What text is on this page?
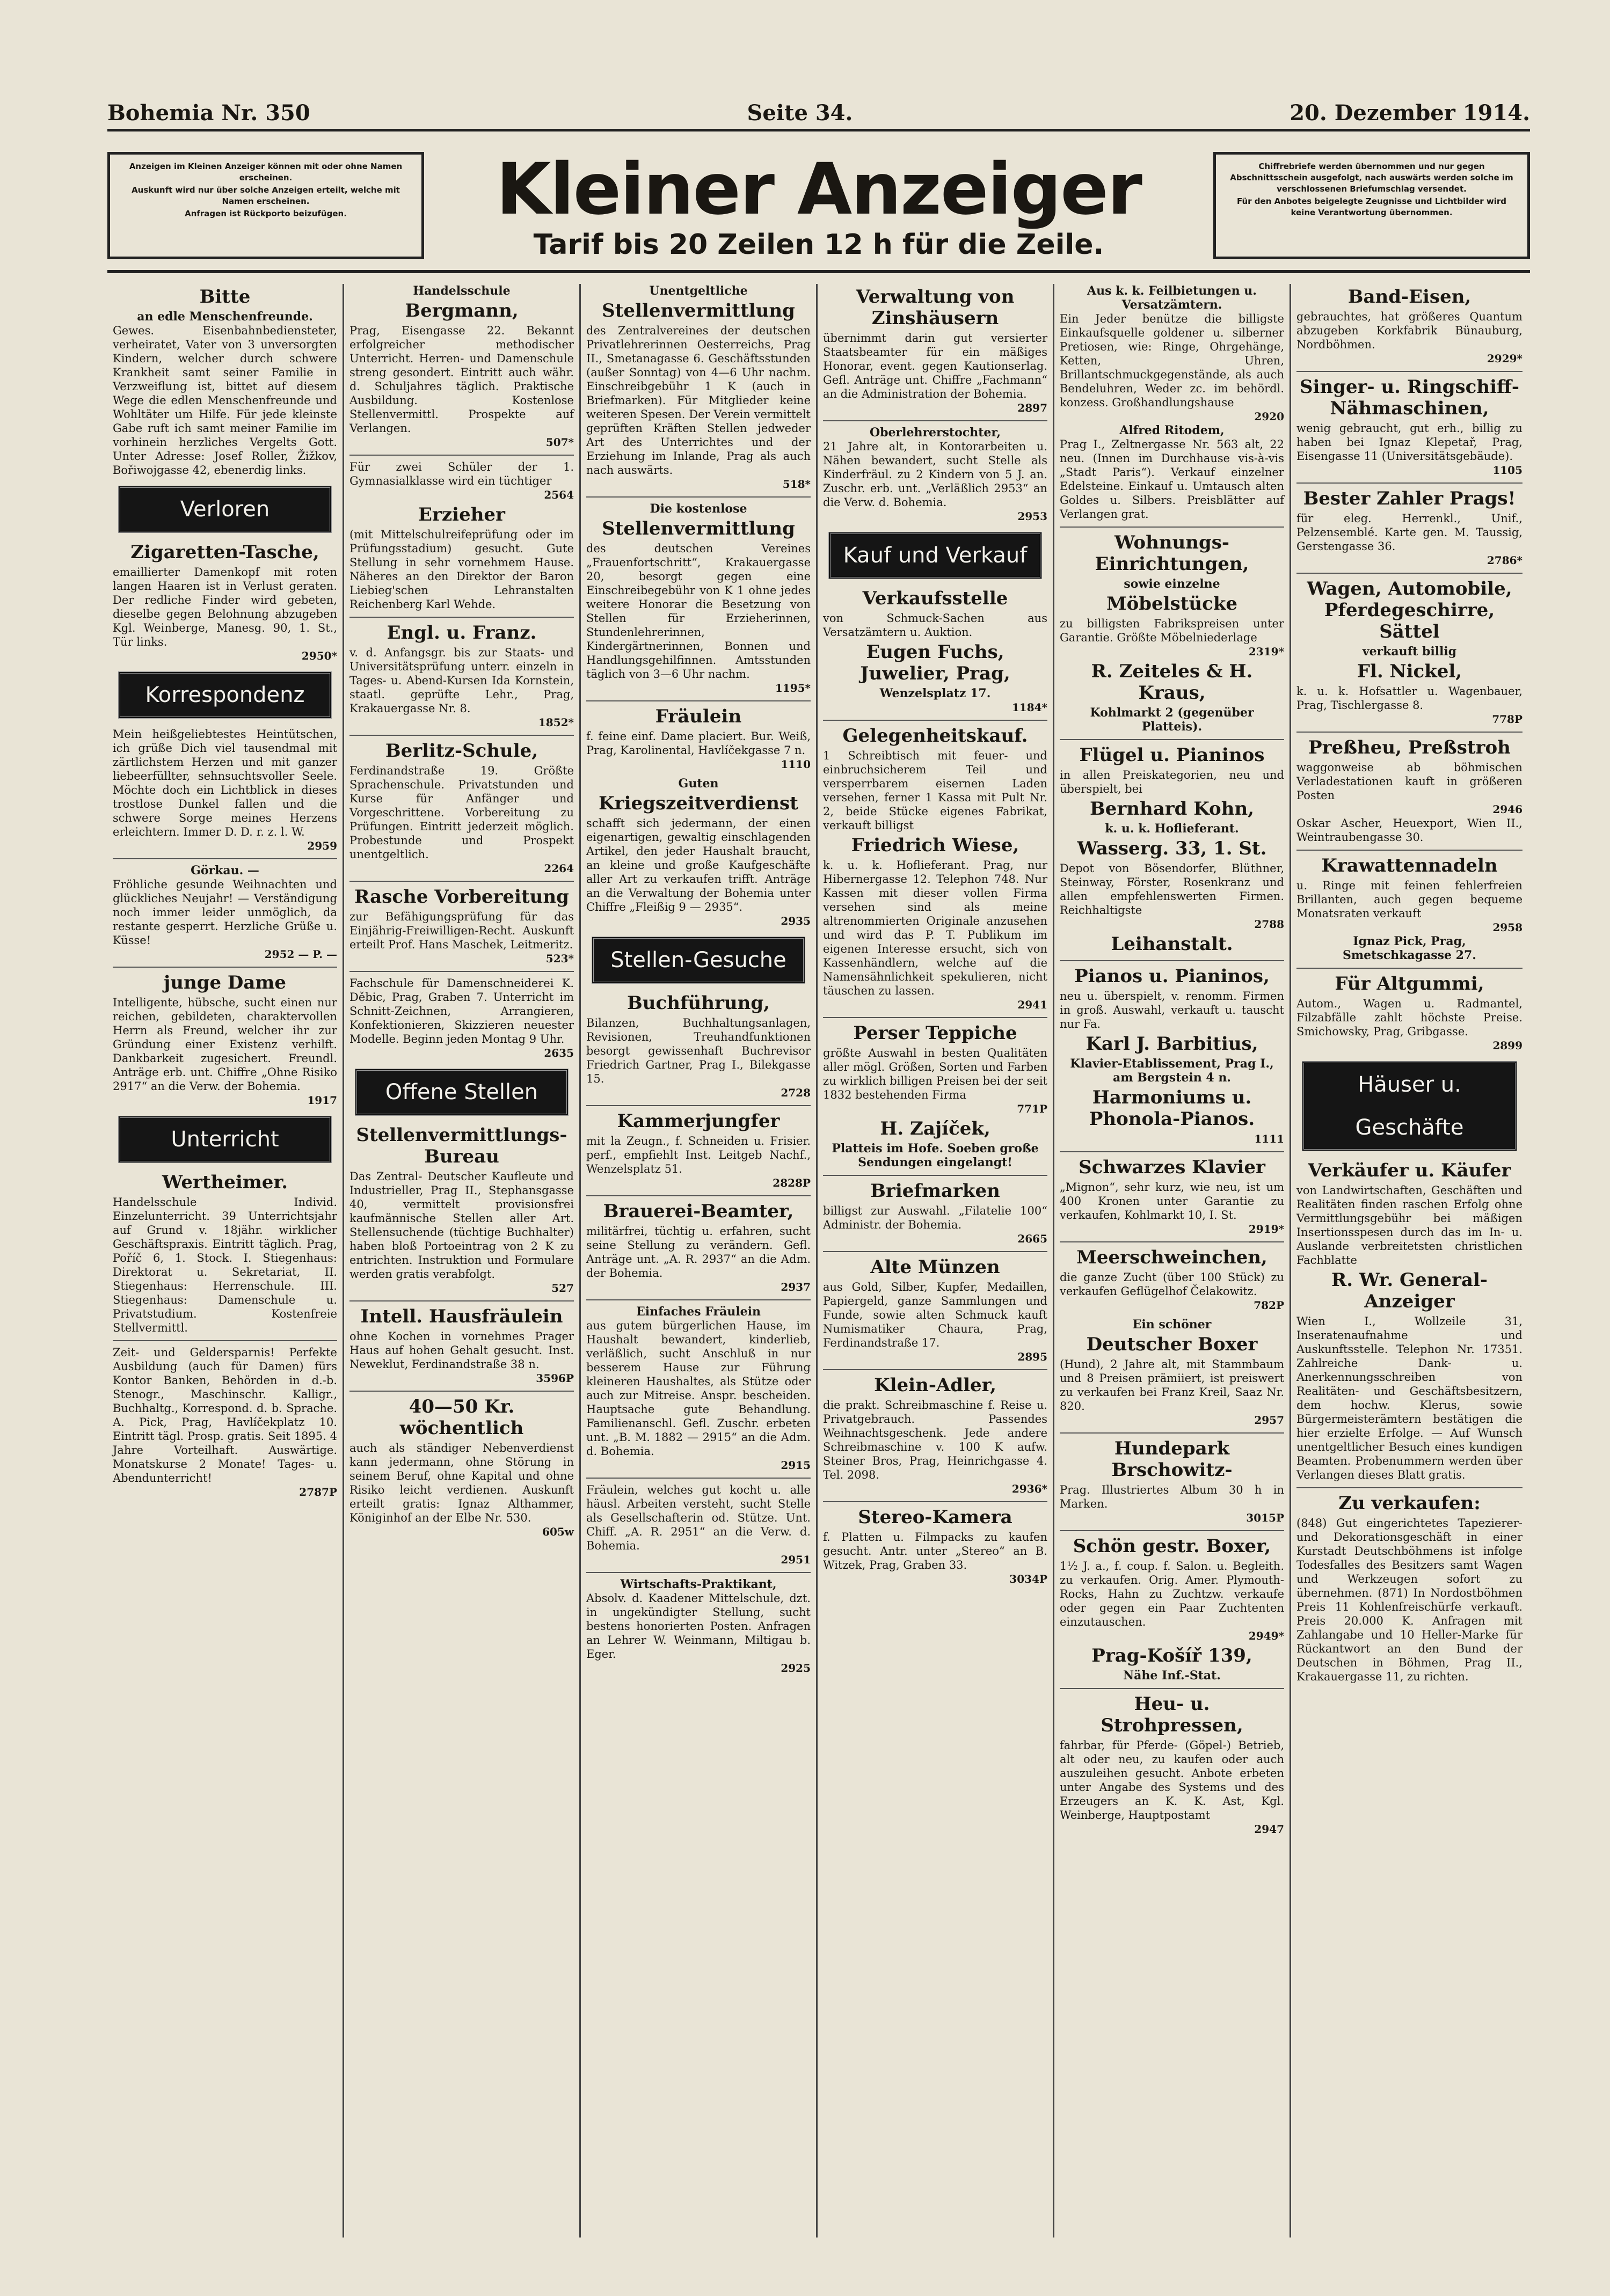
Bohemia Nr. 350	Seite 34.	20. Dezember 1914.

Anzeigen im Kleinen Anzeiger können mit oder ohne Namen erscheinen.

Auskunft wird nur über solche Anzeigen erteilt, welche mit Namen erscheinen.

Anfragen ist Rückporto beizufügen.	Kleiner Anzeiger
Tarif bis 20 Zeilen 12 h für die Zeile.

Chiffrebriefe werden übernommen und nur gegen Abschnittsschein ausgefolgt, nach auswärts werden solche im verschlossenen Briefumschlag versendet.

Für den Anbotes beigelegte Zeugnisse und Lichtbilder wird keine Verantwortung übernommen.

Bitte
an edle Menschenfreunde.
Gewes. Eisenbahnbediensteter, verheiratet, Vater von 3 unversorgten Kindern, welcher durch schwere Krankheit samt seiner Familie in Verzweiflung ist, bittet auf diesem Wege die edlen Menschenfreunde und Wohltäter um Hilfe. Für jede kleinste Gabe ruft ich samt meiner Familie im vorhinein herzliches Vergelts Gott. Unter Adresse: Josef Roller, Žižkov, Bořiwojgasse 42, ebenerdig links.
Verloren
Zigaretten-Tasche,
emaillierter Damenkopf mit roten langen Haaren ist in Verlust geraten. Der redliche Finder wird gebeten, dieselbe gegen Belohnung abzugeben Kgl. Weinberge, Manesg. 90, 1. St., Tür links.
2950*
Korrespondenz
Mein heißgeliebtestes Heintütschen, ich grüße Dich viel tausendmal mit zärtlichstem Herzen und mit ganzer liebeerfüllter, sehnsuchtsvoller Seele. Möchte doch ein Lichtblick in dieses trostlose Dunkel fallen und die schwere Sorge meines Herzens erleichtern. Immer D. D. r. z. l. W.
2959
Görkau. —
Fröhliche gesunde Weihnachten und glückliches Neujahr! — Verständigung noch immer leider unmöglich, da restante gesperrt. Herzliche Grüße u. Küsse!
2952 — P. —
junge Dame
Intelligente, hübsche, sucht einen nur reichen, gebildeten, charaktervollen Herrn als Freund, welcher ihr zur Gründung einer Existenz verhilft. Dankbarkeit zugesichert. Freundl. Anträge erb. unt. Chiffre „Ohne Risiko 2917“ an die Verw. der Bohemia.
1917
Unterricht
Wertheimer.
Handelsschule Individ. Einzelunterricht. 39 Unterrichtsjahr auf Grund v. 18jähr. wirklicher Geschäftspraxis. Eintritt täglich. Prag, Poříč 6, 1. Stock. I. Stiegenhaus: Direktorat u. Sekretariat, II. Stiegenhaus: Herrenschule. III. Stiegenhaus: Damenschule u. Privatstudium. Kostenfreie Stellvermittl.
Zeit- und Geldersparnis! Perfekte Ausbildung (auch für Damen) fürs Kontor Banken, Behörden in d.-b. Stenogr., Maschinschr. Kalligr., Buchhaltg., Korrespond. d. b. Sprache. A. Pick, Prag, Havlíčekplatz 10. Eintritt tägl. Prosp. gratis. Seit 1895. 4 Jahre Vorteilhaft. Auswärtige. Monatskurse 2 Monate! Tages- u. Abendunterricht!
2787P
Handelsschule
Bergmann,
Prag, Eisengasse 22. Bekannt erfolgreicher methodischer Unterricht. Herren- und Damenschule streng gesondert. Eintritt auch währ. d. Schuljahres täglich. Praktische Ausbildung. Kostenlose Stellenvermittl. Prospekte auf Verlangen.
507*
Für zwei Schüler der 1. Gymnasialklasse wird ein tüchtiger
2564
Erzieher
(mit Mittelschulreifeprüfung oder im Prüfungsstadium) gesucht. Gute Stellung in sehr vornehmem Hause. Näheres an den Direktor der Baron Liebieg'schen Lehranstalten Reichenberg Karl Wehde.
Engl. u. Franz.
v. d. Anfangsgr. bis zur Staats- und Universitätsprüfung unterr. einzeln in Tages- u. Abend-Kursen Ida Kornstein, staatl. geprüfte Lehr., Prag, Krakauergasse Nr. 8.
1852*
Berlitz-Schule,
Ferdinandstraße 19. Größte Sprachenschule. Privatstunden und Kurse für Anfänger und Vorgeschrittene. Vorbereitung zu Prüfungen. Eintritt jederzeit möglich. Probestunde und Prospekt unentgeltlich.
2264
Rasche Vorbereitung
zur Befähigungsprüfung für das Einjährig-Freiwilligen-Recht. Auskunft erteilt Prof. Hans Maschek, Leitmeritz.
523*
Fachschule für Damenschneiderei K. Děbic, Prag, Graben 7. Unterricht im Schnitt-Zeichnen, Arrangieren, Konfektionieren, Skizzieren neuester Modelle. Beginn jeden Montag 9 Uhr.
2635
Offene Stellen
Stellenvermittlungs-Bureau
Das Zentral- Deutscher Kaufleute und Industrieller, Prag II., Stephansgasse 40, vermittelt provisionsfrei kaufmännische Stellen aller Art. Stellensuchende (tüchtige Buchhalter) haben bloß Portoeintrag von 2 K zu entrichten. Instruktion und Formulare werden gratis verabfolgt.
527
Intell. Hausfräulein
ohne Kochen in vornehmes Prager Haus auf hohen Gehalt gesucht. Inst. Neweklut, Ferdinandstraße 38 n.
3596P
40—50 Kr. wöchentlich
auch als ständiger Nebenverdienst kann jedermann, ohne Störung in seinem Beruf, ohne Kapital und ohne Risiko leicht verdienen. Auskunft erteilt gratis: Ignaz Althammer, Königinhof an der Elbe Nr. 530.
605w
Unentgeltliche
Stellenvermittlung
des Zentralvereines der deutschen Privatlehrerinnen Oesterreichs, Prag II., Smetanagasse 6. Geschäftsstunden (außer Sonntag) von 4—6 Uhr nachm. Einschreibgebühr 1 K (auch in Briefmarken). Für Mitglieder keine weiteren Spesen. Der Verein vermittelt geprüften Kräften Stellen jedweder Art des Unterrichtes und der Erziehung im Inlande, Prag als auch nach auswärts.
518*
Die kostenlose
Stellenvermittlung
des deutschen Vereines „Frauenfortschritt“, Krakauergasse 20, besorgt gegen eine Einschreibegebühr von K 1 ohne jedes weitere Honorar die Besetzung von Stellen für Erzieherinnen, Stundenlehrerinnen, Kindergärtnerinnen, Bonnen und Handlungsgehilfinnen. Amtsstunden täglich von 3—6 Uhr nachm.
1195*
Fräulein
f. feine einf. Dame placiert. Bur. Weiß, Prag, Karolinental, Havlíčekgasse 7 n.
1110
Guten
Kriegszeitverdienst
schafft sich jedermann, der einen eigenartigen, gewaltig einschlagenden Artikel, den jeder Haushalt braucht, an kleine und große Kaufgeschäfte aller Art zu verkaufen trifft. Anträge an die Verwaltung der Bohemia unter Chiffre „Fleißig 9 — 2935“.
2935
Stellen-Gesuche
Buchführung,
Bilanzen, Buchhaltungsanlagen, Revisionen, Treuhandfunktionen besorgt gewissenhaft Buchrevisor Friedrich Gartner, Prag I., Bilekgasse 15.
2728
Kammerjungfer
mit la Zeugn., f. Schneiden u. Frisier. perf., empfiehlt Inst. Leitgeb Nachf., Wenzelsplatz 51.
2828P
Brauerei-Beamter,
militärfrei, tüchtig u. erfahren, sucht seine Stellung zu verändern. Gefl. Anträge unt. „A. R. 2937“ an die Adm. der Bohemia.
2937
Einfaches Fräulein
aus gutem bürgerlichen Hause, im Haushalt bewandert, kinderlieb, verläßlich, sucht Anschluß in nur besserem Hause zur Führung kleineren Haushaltes, als Stütze oder auch zur Mitreise. Anspr. bescheiden. Hauptsache gute Behandlung. Familienanschl. Gefl. Zuschr. erbeten unt. „B. M. 1882 — 2915“ an die Adm. d. Bohemia.
2915
Fräulein, welches gut kocht u. alle häusl. Arbeiten versteht, sucht Stelle als Gesellschafterin od. Stütze. Unt. Chiff. „A. R. 2951“ an die Verw. d. Bohemia.
2951
Wirtschafts-Praktikant,
Absolv. d. Kaadener Mittelschule, dzt. in ungekündigter Stellung, sucht bestens honorierten Posten. Anfragen an Lehrer W. Weinmann, Miltigau b. Eger.
2925
Verwaltung von Zinshäusern
übernimmt darin gut versierter Staatsbeamter für ein mäßiges Honorar, event. gegen Kautionserlag. Gefl. Anträge unt. Chiffre „Fachmann“ an die Administration der Bohemia.
2897
Oberlehrerstochter,
21 Jahre alt, in Kontorarbeiten u. Nähen bewandert, sucht Stelle als Kinderfräul. zu 2 Kindern von 5 J. an. Zuschr. erb. unt. „Verläßlich 2953“ an die Verw. d. Bohemia.
2953
Kauf und Verkauf
Verkaufsstelle
von Schmuck-Sachen aus Versatzämtern u. Auktion.
Eugen Fuchs, Juwelier, Prag,
Wenzelsplatz 17.
1184*
Gelegenheitskauf.
1 Schreibtisch mit feuer- und einbruchsicherem Teil und versperrbarem eisernen Laden versehen, ferner 1 Kassa mit Pult Nr. 2, beide Stücke eigenes Fabrikat, verkauft billigst
Friedrich Wiese,
k. u. k. Hoflieferant. Prag, nur Hibernergasse 12. Telephon 748. Nur Kassen mit dieser vollen Firma versehen sind als meine altrenommierten Originale anzusehen und wird das P. T. Publikum im eigenen Interesse ersucht, sich von Kassenhändlern, welche auf die Namensähnlichkeit spekulieren, nicht täuschen zu lassen.
2941
Perser Teppiche
größte Auswahl in besten Qualitäten aller mögl. Größen, Sorten und Farben zu wirklich billigen Preisen bei der seit 1832 bestehenden Firma
771P
H. Zajíček,
Platteis im Hofe. Soeben große Sendungen eingelangt!
Briefmarken
billigst zur Auswahl. „Filatelie 100“ Administr. der Bohemia.
2665
Alte Münzen
aus Gold, Silber, Kupfer, Medaillen, Papiergeld, ganze Sammlungen und Funde, sowie alten Schmuck kauft Numismatiker Chaura, Prag, Ferdinandstraße 17.
2895
Klein-Adler,
die prakt. Schreibmaschine f. Reise u. Privatgebrauch. Passendes Weihnachtsgeschenk. Jede andere Schreibmaschine v. 100 K aufw. Steiner Bros, Prag, Heinrichgasse 4. Tel. 2098.
2936*
Stereo-Kamera
f. Platten u. Filmpacks zu kaufen gesucht. Antr. unter „Stereo“ an B. Witzek, Prag, Graben 33.
3034P
Aus k. k. Feilbietungen u. Versatzämtern.
Ein Jeder benütze die billigste Einkaufsquelle goldener u. silberner Pretiosen, wie: Ringe, Ohrgehänge, Ketten, Uhren, Brillantschmuckgegenstände, als auch Bendeluhren, Weder zc. im behördl. konzess. Großhandlungshause
2920
Alfred Ritodem,
Prag I., Zeltnergasse Nr. 563 alt, 22 neu. (Innen im Durchhause vis-à-vis „Stadt Paris“). Verkauf einzelner Edelsteine. Einkauf u. Umtausch alten Goldes u. Silbers. Preisblätter auf Verlangen grat.
Wohnungs-Einrichtungen,
sowie einzelne
Möbelstücke
zu billigsten Fabrikspreisen unter Garantie. Größte Möbelniederlage
2319*
R. Zeiteles & H. Kraus,
Kohlmarkt 2 (gegenüber Platteis).
Flügel u. Pianinos
in allen Preiskategorien, neu und überspielt, bei
Bernhard Kohn,
k. u. k. Hoflieferant.
Wasserg. 33, 1. St.
Depot von Bösendorfer, Blüthner, Steinway, Förster, Rosenkranz und allen empfehlenswerten Firmen. Reichhaltigste
2788
Leihanstalt.
Pianos u. Pianinos,
neu u. überspielt, v. renomm. Firmen in groß. Auswahl, verkauft u. tauscht nur Fa.
Karl J. Barbitius,
Klavier-Etablissement, Prag I., am Bergstein 4 n.
Harmoniums u. Phonola-Pianos.
1111
Schwarzes Klavier
„Mignon“, sehr kurz, wie neu, ist um 400 Kronen unter Garantie zu verkaufen, Kohlmarkt 10, I. St.
2919*
Meerschweinchen,
die ganze Zucht (über 100 Stück) zu verkaufen Geflügelhof Čelakowitz.
782P
Ein schöner
Deutscher Boxer
(Hund), 2 Jahre alt, mit Stammbaum und 8 Preisen prämiiert, ist preiswert zu verkaufen bei Franz Kreil, Saaz Nr. 820.
2957
Hundepark Brschowitz-
Prag. Illustriertes Album 30 h in Marken.
3015P
Schön gestr. Boxer,
1½ J. a., f. coup. f. Salon. u. Begleith. zu verkaufen. Orig. Amer. Plymouth-Rocks, Hahn zu Zuchtzw. verkaufe oder gegen ein Paar Zuchtenten einzutauschen.
2949*
Prag-Košíř 139,
Nähe Inf.-Stat.
Heu- u. Strohpressen,
fahrbar, für Pferde- (Göpel-) Betrieb, alt oder neu, zu kaufen oder auch auszuleihen gesucht. Anbote erbeten unter Angabe des Systems und des Erzeugers an K. K. Ast, Kgl. Weinberge, Hauptpostamt
2947
Band-Eisen,
gebrauchtes, hat größeres Quantum abzugeben Korkfabrik Bünauburg, Nordböhmen.
2929*
Singer- u. Ringschiff-Nähmaschinen,
wenig gebraucht, gut erh., billig zu haben bei Ignaz Klepetař, Prag, Eisengasse 11 (Universitätsgebäude).
1105
Bester Zahler Prags!
für eleg. Herrenkl., Unif., Pelzensemblé. Karte gen. M. Taussig, Gerstengasse 36.
2786*
Wagen, Automobile, Pferdegeschirre, Sättel
verkauft billig
Fl. Nickel,
k. u. k. Hofsattler u. Wagenbauer, Prag, Tischlergasse 8.
778P
Preßheu, Preßstroh
waggonweise ab böhmischen Verladestationen kauft in größeren Posten
2946
Oskar Ascher, Heuexport, Wien II., Weintraubengasse 30.
Krawattennadeln
u. Ringe mit feinen fehlerfreien Brillanten, auch gegen bequeme Monatsraten verkauft
2958
Ignaz Pick, Prag, Smetschkagasse 27.
Für Altgummi,
Autom., Wagen u. Radmantel, Filzabfälle zahlt höchste Preise. Smichowsky, Prag, Gribgasse.
2899
Häuser u. Geschäfte
Verkäufer u. Käufer
von Landwirtschaften, Geschäften und Realitäten finden raschen Erfolg ohne Vermittlungsgebühr bei mäßigen Insertionsspesen durch das im In- u. Auslande verbreitetsten christlichen Fachblatte
R. Wr. General-Anzeiger
Wien I., Wollzeile 31, Inseratenaufnahme und Auskunftsstelle. Telephon Nr. 17351. Zahlreiche Dank- u. Anerkennungsschreiben von Realitäten- und Geschäftsbesitzern, dem hochw. Klerus, sowie Bürgermeisterämtern bestätigen die hier erzielte Erfolge. — Auf Wunsch unentgeltlicher Besuch eines kundigen Beamten. Probenummern werden über Verlangen dieses Blatt gratis.
Zu verkaufen:
(848) Gut eingerichtetes Tapezierer- und Dekorationsgeschäft in einer Kurstadt Deutschböhmens ist infolge Todesfalles des Besitzers samt Wagen und Werkzeugen sofort zu übernehmen. (871) In Nordostböhmen Preis 11 Kohlenfreischürfe verkauft. Preis 20.000 K. Anfragen mit Zahlangabe und 10 Heller-Marke für Rückantwort an den Bund der Deutschen in Böhmen, Prag II., Krakauergasse 11, zu richten.
